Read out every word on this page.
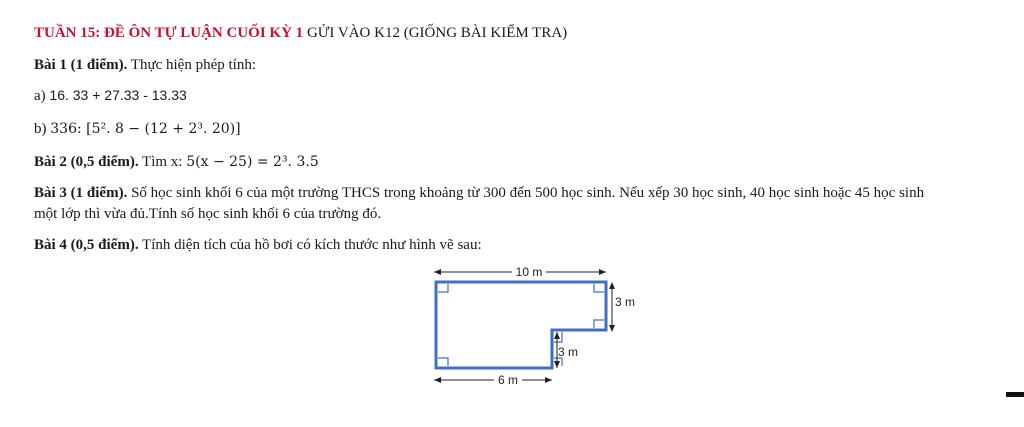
TUẦN 15: ĐỀ ÔN TỰ LUẬN CUỐI KỲ 1 GỬI VÀO K12 (GIỐNG BÀI KIỂM TRA)
Bài 1 (1 điểm). Thực hiện phép tính:
a) 16. 33 + 27.33 - 13.33
b) 336: [5². 8 − (12 + 2³. 20)]
Bài 2 (0,5 điểm). Tìm x: 5(x − 25) = 2³. 3.5
Bài 3 (1 điểm). Số học sinh khối 6 của một trường THCS trong khoảng từ 300 đến 500 học sinh. Nếu xếp 30 học sinh, 40 học sinh hoặc 45 học sinh
một lớp thì vừa đủ.Tính số học sinh khối 6 của trường đó.
Bài 4 (0,5 điểm). Tính diện tích của hồ bơi có kích thước như hình vẽ sau:
10 m
3 m
3 m
6 m
